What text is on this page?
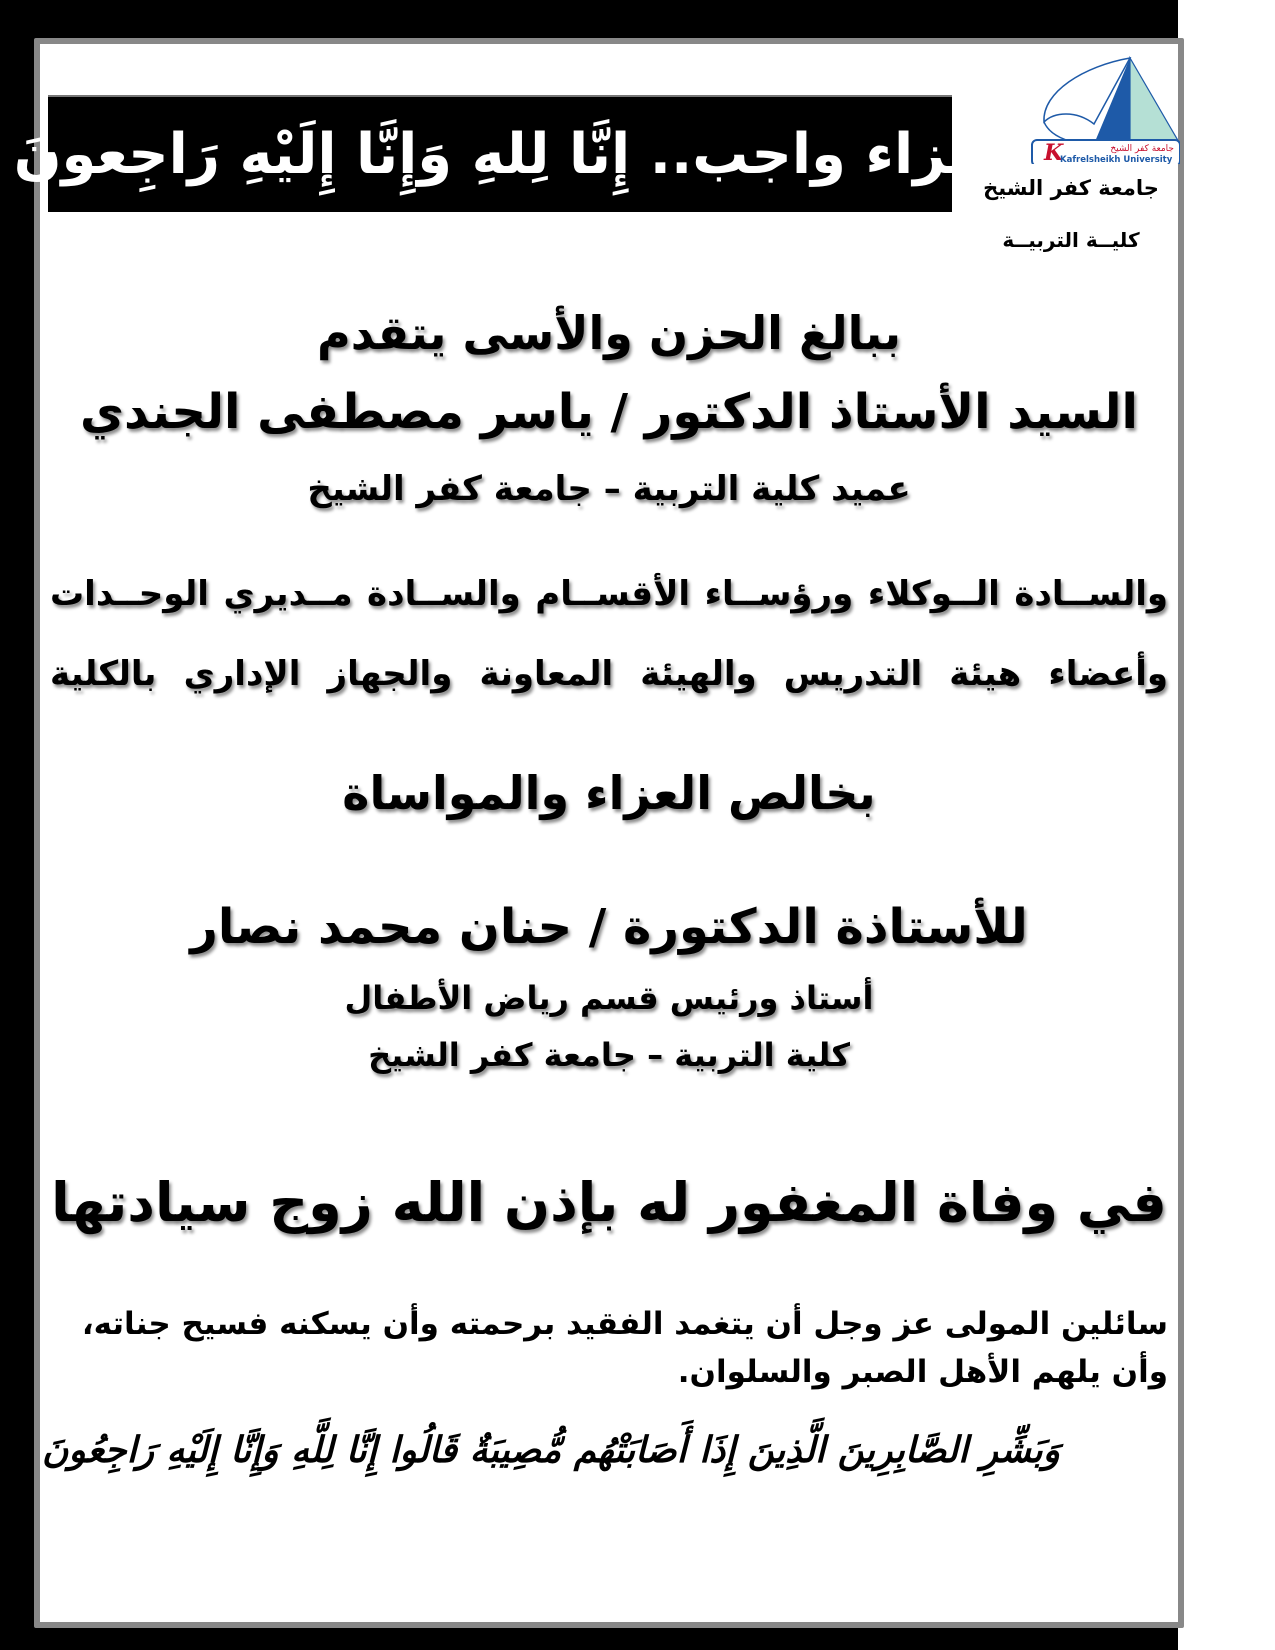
عزاء واجب.. إِنَّا لِلهِ وَإِنَّا إِلَيْهِ رَاجِعونَ	K	جامعة كفر الشيخ
Kafrelsheikh University
جامعة كفر الشيخ
كليــة التربيــة
ببالغ الحزن والأسى يتقدم
السيد الأستاذ الدكتور / ياسر مصطفى الجندي
عميد كلية التربية – جامعة كفر الشيخ
والســادة الــوكلاء ورؤســاء الأقســام والســادة مــديري الوحــدات
وأعضاء هيئة التدريس والهيئة المعاونة والجهاز الإداري بالكلية
بخالص العزاء والمواساة
للأستاذة الدكتورة / حنان محمد نصار
أستاذ ورئيس قسم رياض الأطفال
كلية التربية – جامعة كفر الشيخ
في وفاة المغفور له بإذن الله زوج سيادتها
سائلين المولى عز وجل أن يتغمد الفقيد برحمته وأن يسكنه فسيح جناته،
وأن يلهم الأهل الصبر والسلوان.
وَبَشِّرِ الصَّابِرِينَ الَّذِينَ إِذَا أَصَابَتْهُم مُّصِيبَةٌ قَالُوا إِنَّا لِلَّهِ وَإِنَّا إِلَيْهِ رَاجِعُونَ
